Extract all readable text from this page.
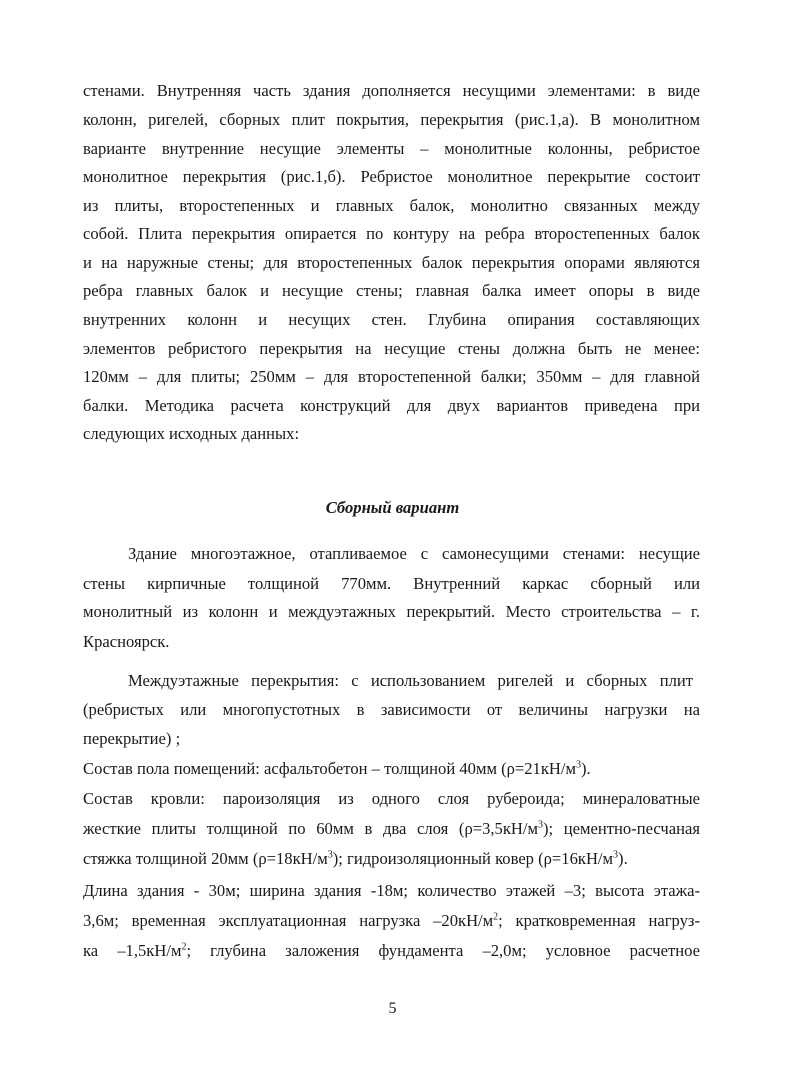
стенами. Внутренняя часть здания дополняется несущими элементами: в виде
колонн, ригелей, сборных плит покрытия, перекрытия (рис.1,а). В монолитном
варианте внутренние несущие элементы – монолитные колонны, ребристое
монолитное перекрытия (рис.1,б). Ребристое монолитное перекрытие состоит
из плиты, второстепенных и главных балок, монолитно связанных между
собой. Плита перекрытия опирается по контуру на ребра второстепенных балок
и на наружные стены; для второстепенных балок перекрытия опорами являются
ребра главных балок и несущие стены; главная балка имеет опоры в виде
внутренних колонн и несущих стен. Глубина опирания составляющих
элементов ребристого перекрытия на несущие стены должна быть не менее:
120мм – для плиты; 250мм – для второстепенной балки; 350мм – для главной
балки. Методика расчета конструкций для двух вариантов приведена при
следующих исходных данных:
Сборный вариант
Здание многоэтажное, отапливаемое с самонесущими стенами: несущие
стены кирпичные толщиной 770мм. Внутренний каркас сборный или
монолитный из колонн и междуэтажных перекрытий. Место строительства – г.
Красноярск.
Междуэтажные перекрытия: с использованием ригелей и сборных плит
(ребристых или многопустотных в зависимости от величины нагрузки на
перекрытие) ;
Состав пола помещений: асфальтобетон – толщиной 40мм $(\rho=21кН/м^3)$.
Состав кровли: пароизоляция из одного слоя рубероида; минераловатные
жесткие плиты толщиной по 60мм в два слоя $(\rho=3,5кН/м^3)$; цементно-песчаная
стяжка толщиной 20мм $(\rho=18кН/м^3)$; гидроизоляционный ковер $(\rho=16кН/м^3)$.
Длина здания - 30м; ширина здания -18м; количество этажей –3; высота этажа-
3,6м; временная эксплуатационная нагрузка $-20кН/м^2$; кратковременная нагруз-
ка $-1,5кН/м^2$; глубина заложения фундамента –2,0м; условное расчетное
5
